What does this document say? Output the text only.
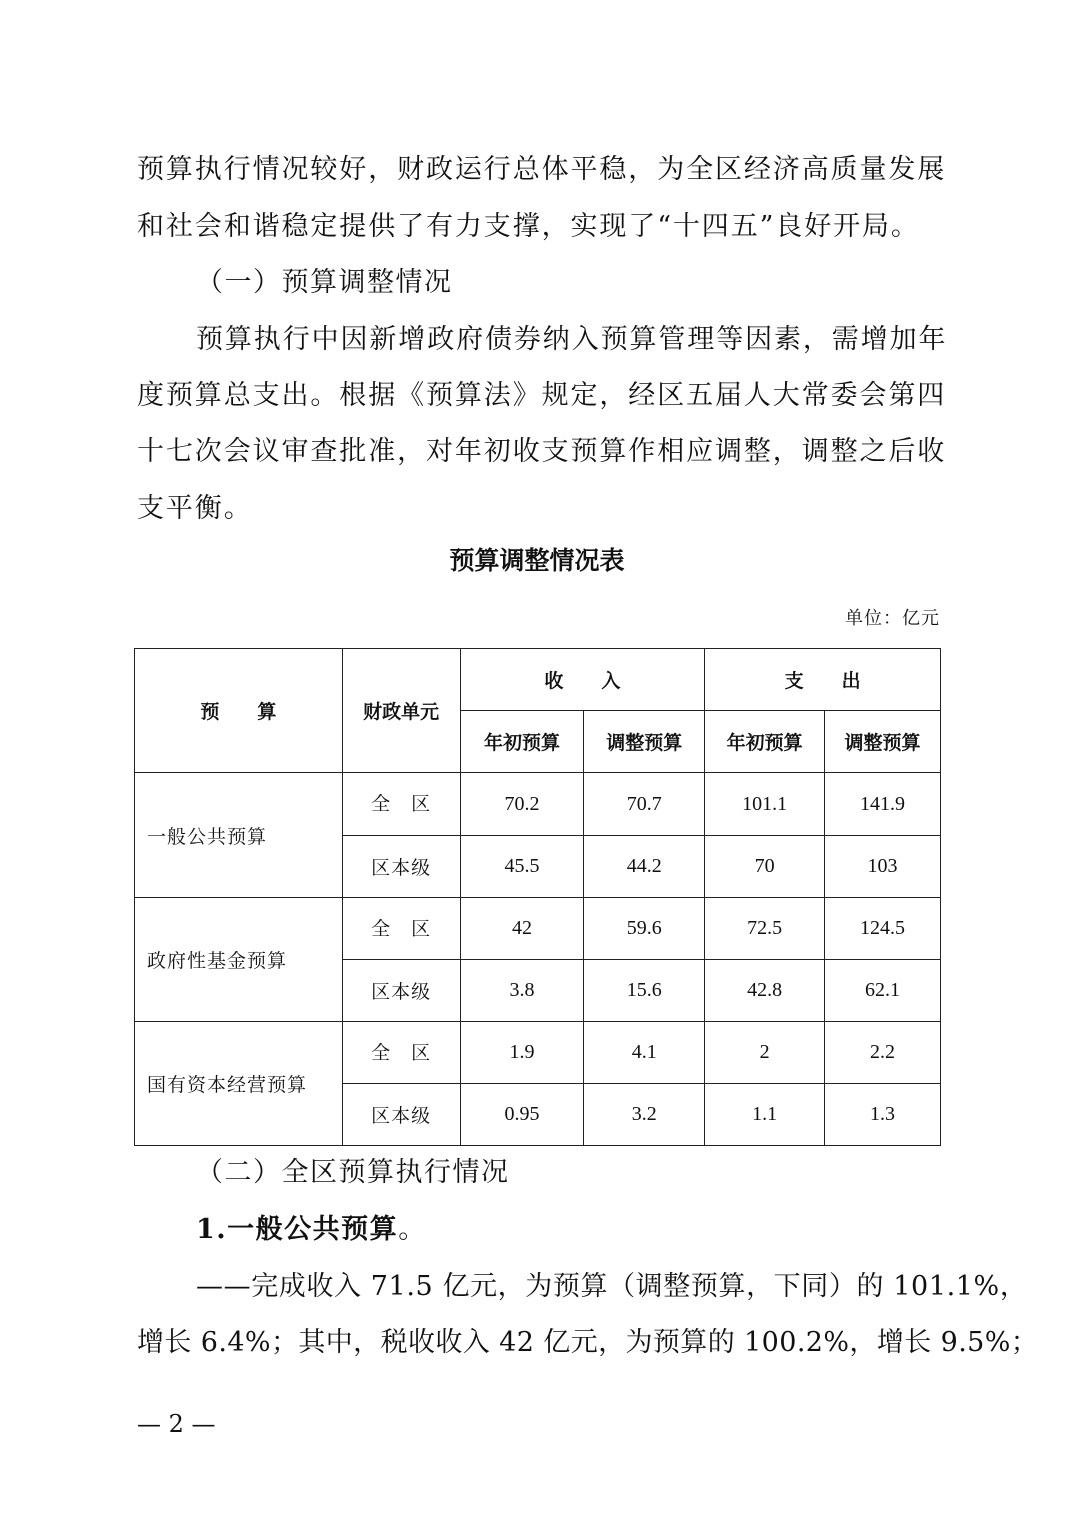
预算执行情况较好，财政运行总体平稳，为全区经济高质量发展
和社会和谐稳定提供了有力支撑，实现了“十四五”良好开局。
（一）预算调整情况
预算执行中因新增政府债券纳入预算管理等因素，需增加年
度预算总支出。根据《预算法》规定，经区五届人大常委会第四
十七次会议审查批准，对年初收支预算作相应调整，调整之后收
支平衡。
预算调整情况表
单位：亿元
预　　算	财政单元	收　　入		支　　出	
		年初预算	调整预算	年初预算	调整预算
一般公共预算	全　区	70.2	70.7	101.1	141.9
	区本级	45.5	44.2	70	103
政府性基金预算	全　区	42	59.6	72.5	124.5
	区本级	3.8	15.6	42.8	62.1
国有资本经营预算	全　区	1.9	4.1	2	2.2
	区本级	0.95	3.2	1.1	1.3
（二）全区预算执行情况
1.一般公共预算。
——完成收入 71.5 亿元，为预算（调整预算，下同）的 101.1%，
增长 6.4%；其中，税收收入 42 亿元，为预算的 100.2%，增长 9.5%；
— 2 —
